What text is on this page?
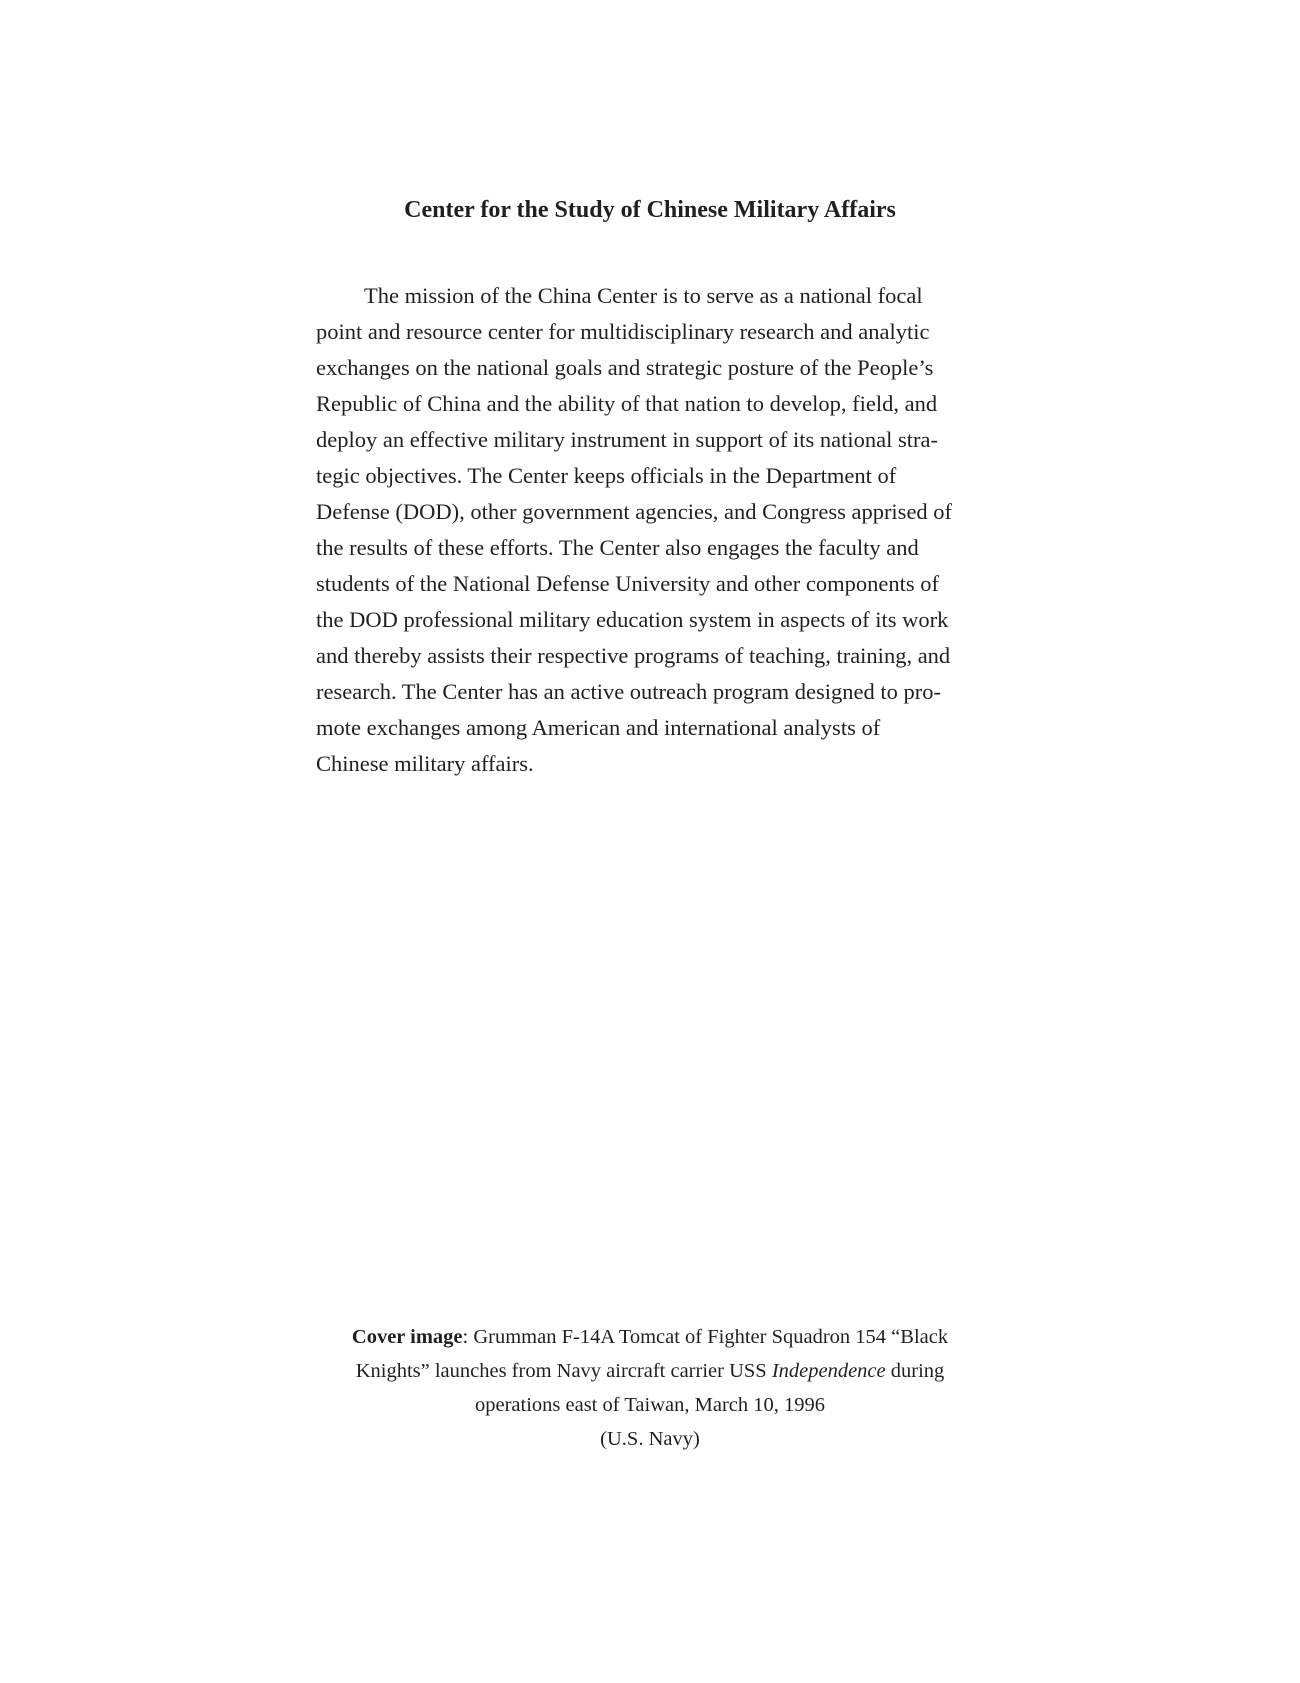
Center for the Study of Chinese Military Affairs
The mission of the China Center is to serve as a national focal
point and resource center for multidisciplinary research and analytic
exchanges on the national goals and strategic posture of the People’s
Republic of China and the ability of that nation to develop, field, and
deploy an effective military instrument in support of its national stra-
tegic objectives. The Center keeps officials in the Department of
Defense (DOD), other government agencies, and Congress apprised of
the results of these efforts. The Center also engages the faculty and
students of the National Defense University and other components of
the DOD professional military education system in aspects of its work
and thereby assists their respective programs of teaching, training, and
research. The Center has an active outreach program designed to pro-
mote exchanges among American and international analysts of
Chinese military affairs.
Cover image: Grumman F-14A Tomcat of Fighter Squadron 154 “Black
Knights” launches from Navy aircraft carrier USS Independence during
operations east of Taiwan, March 10, 1996
(U.S. Navy)
